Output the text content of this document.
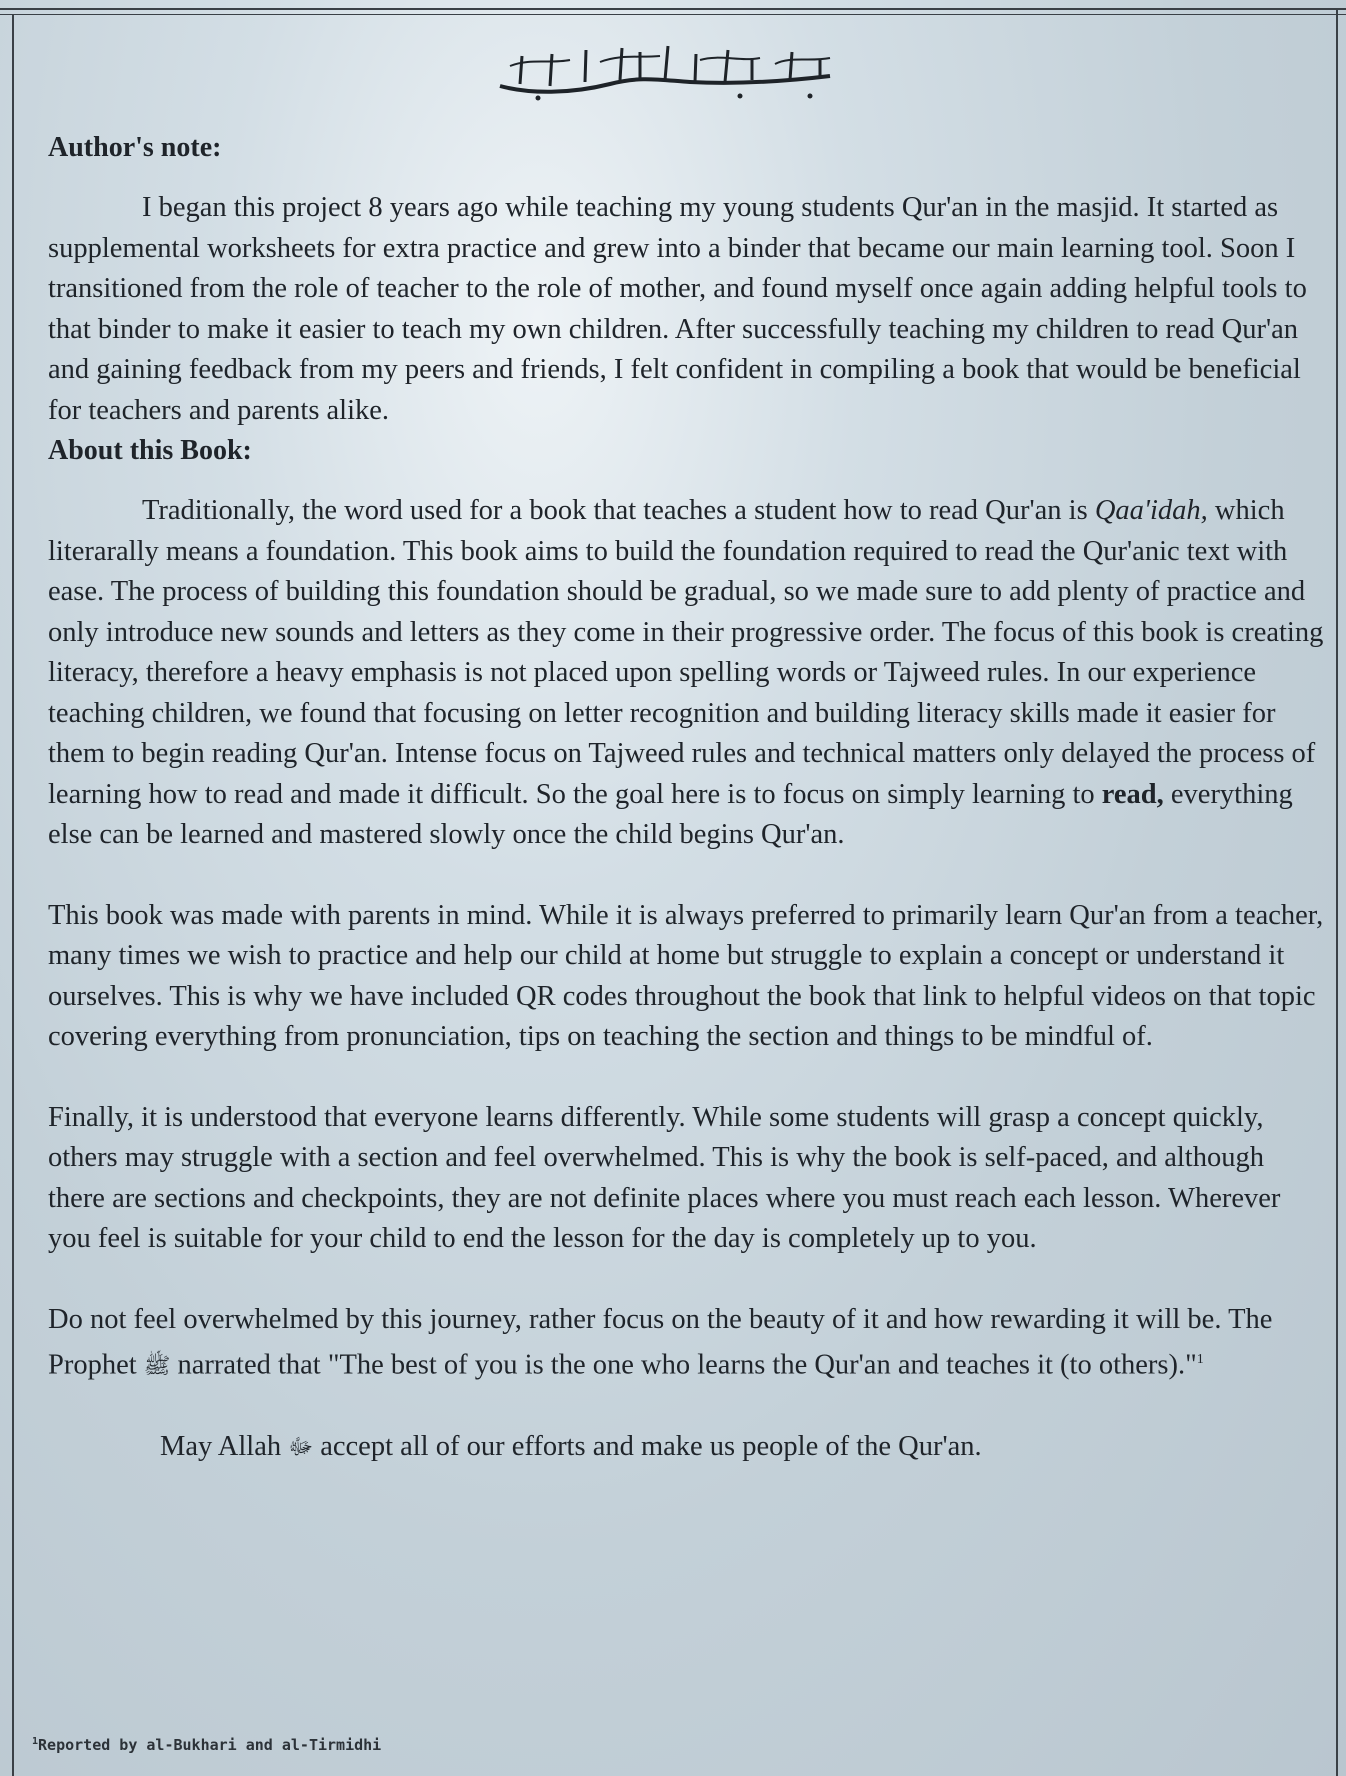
بسم الله الرحمن الرحيم
Author's note:

I began this project 8 years ago while teaching my young students Qur'an in the masjid. It started as supplemental worksheets for extra practice and grew into a binder that became our main learning tool. Soon I transitioned from the role of teacher to the role of mother, and found myself once again adding helpful tools to that binder to make it easier to teach my own children. After successfully teaching my children to read Qur'an and gaining feedback from my peers and friends, I felt confident in compiling a book that would be beneficial for teachers and parents alike.

About this Book:

Traditionally, the word used for a book that teaches a student how to read Qur'an is Qaa'idah, which literarally means a foundation. This book aims to build the foundation required to read the Qur'anic text with ease. The process of building this foundation should be gradual, so we made sure to add plenty of practice and only introduce new sounds and letters as they come in their progressive order. The focus of this book is creating literacy, therefore a heavy emphasis is not placed upon spelling words or Tajweed rules. In our experience teaching children, we found that focusing on letter recognition and building literacy skills made it easier for them to begin reading Qur'an. Intense focus on Tajweed rules and technical matters only delayed the process of learning how to read and made it difficult. So the goal here is to focus on simply learning to read, everything else can be learned and mastered slowly once the child begins Qur'an.

This book was made with parents in mind. While it is always preferred to primarily learn Qur'an from a teacher, many times we wish to practice and help our child at home but struggle to explain a concept or understand it ourselves. This is why we have included QR codes throughout the book that link to helpful videos on that topic covering everything from pronunciation, tips on teaching the section and things to be mindful of.

Finally, it is understood that everyone learns differently. While some students will grasp a concept quickly, others may struggle with a section and feel overwhelmed. This is why the book is self-paced, and although there are sections and checkpoints, they are not definite places where you must reach each lesson. Wherever you feel is suitable for your child to end the lesson for the day is completely up to you.

Do not feel overwhelmed by this journey, rather focus on the beauty of it and how rewarding it will be. The Prophet ﷺ narrated that "The best of you is the one who learns the Qur'an and teaches it (to others)."$^1$

May Allah ﷻ accept all of our efforts and make us people of the Qur'an.

$^1$Reported by al-Bukhari and al-Tirmidhi
